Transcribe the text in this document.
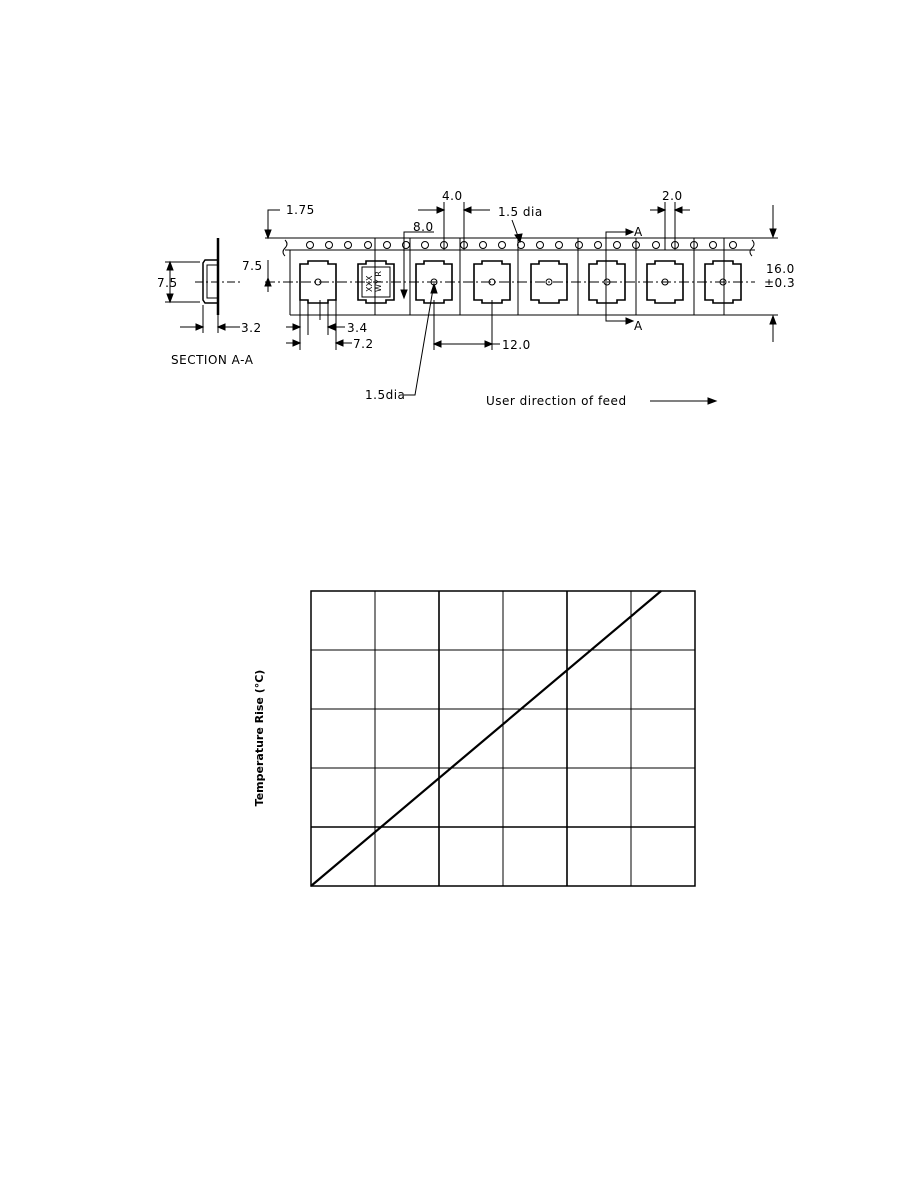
1.75
4.0
1.5 dia
2.0
8.0
7.5	16.0
±0.3
A
A
7.5
3.2	3.4
7.2	12.0
SECTION A-A
1.5dia	User direction of feed
XXX WY R
Temperature Rise (°C)
